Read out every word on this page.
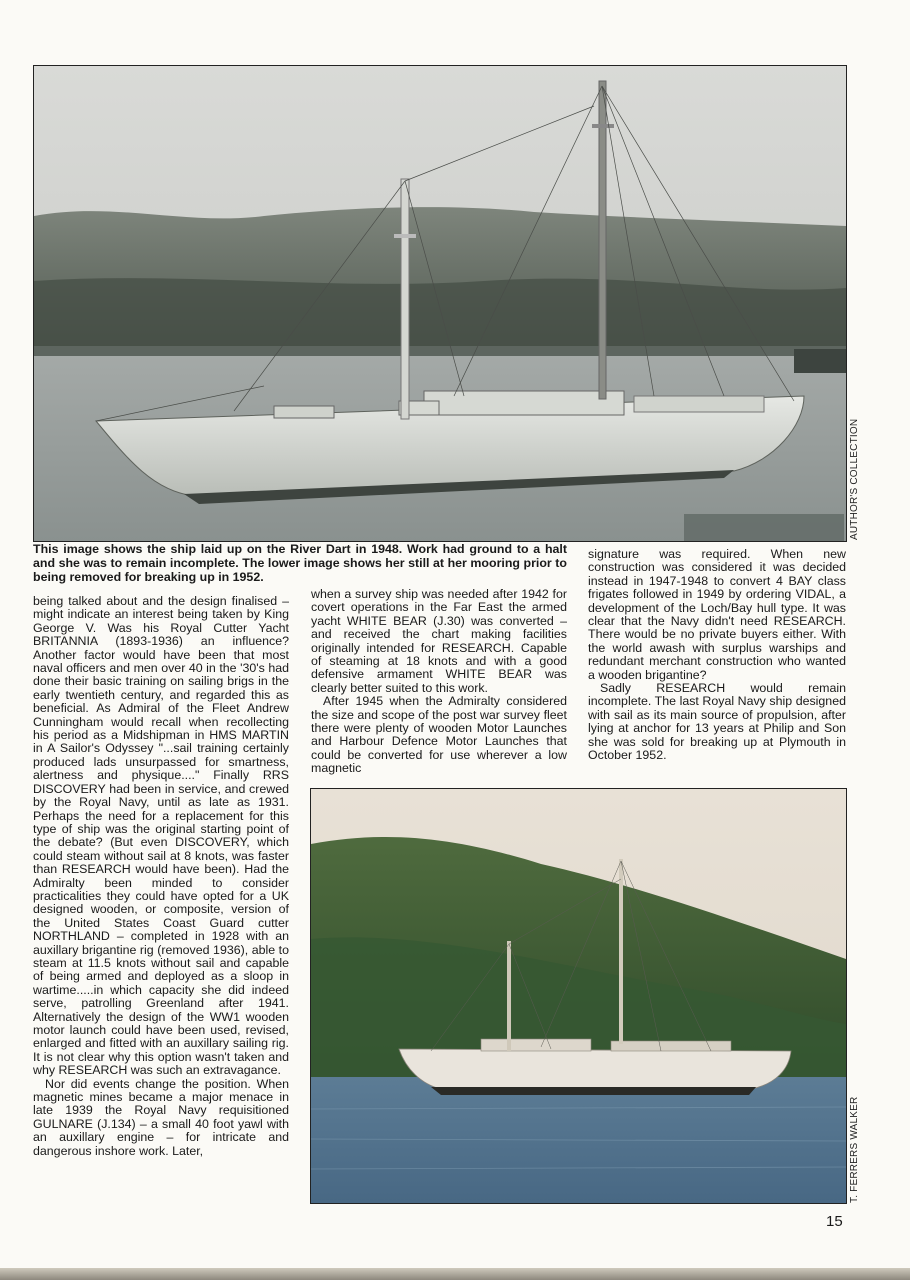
AUTHOR'S COLLECTION
This image shows the ship laid up on the River Dart in 1948. Work had ground to a halt and she was to remain incomplete. The lower image shows her still at her mooring prior to being removed for breaking up in 1952.

being talked about and the design finalised – might indicate an interest being taken by King George V. Was his Royal Cutter Yacht BRITANNIA (1893-1936) an influence? Another factor would have been that most naval officers and men over 40 in the '30's had done their basic training on sailing brigs in the early twentieth century, and regarded this as beneficial. As Admiral of the Fleet Andrew Cunningham would recall when recollecting his period as a Midshipman in HMS MARTIN in A Sailor's Odyssey "...sail training certainly produced lads unsurpassed for smartness, alertness and physique...." Finally RRS DISCOVERY had been in service, and crewed by the Royal Navy, until as late as 1931. Perhaps the need for a replacement for this type of ship was the original starting point of the debate? (But even DISCOVERY, which could steam without sail at 8 knots, was faster than RESEARCH would have been). Had the Admiralty been minded to consider practicalities they could have opted for a UK designed wooden, or composite, version of the United States Coast Guard cutter NORTHLAND – completed in 1928 with an auxillary brigantine rig (removed 1936), able to steam at 11.5 knots without sail and capable of being armed and deployed as a sloop in wartime.....in which capacity she did indeed serve, patrolling Greenland after 1941. Alternatively the design of the WW1 wooden motor launch could have been used, revised, enlarged and fitted with an auxillary sailing rig. It is not clear why this option wasn't taken and why RESEARCH was such an extravagance.

Nor did events change the position. When magnetic mines became a major menace in late 1939 the Royal Navy requisitioned GULNARE (J.134) – a small 40 foot yawl with an auxillary engine – for intricate and dangerous inshore work. Later,

when a survey ship was needed after 1942 for covert operations in the Far East the armed yacht WHITE BEAR (J.30) was converted – and received the chart making facilities originally intended for RESEARCH. Capable of steaming at 18 knots and with a good defensive armament WHITE BEAR was clearly better suited to this work.

After 1945 when the Admiralty considered the size and scope of the post war survey fleet there were plenty of wooden Motor Launches and Harbour Defence Motor Launches that could be converted for use wherever a low magnetic

signature was required. When new construction was considered it was decided instead in 1947-1948 to convert 4 BAY class frigates followed in 1949 by ordering VIDAL, a development of the Loch/Bay hull type. It was clear that the Navy didn't need RESEARCH. There would be no private buyers either. With the world awash with surplus warships and redundant merchant construction who wanted a wooden brigantine?

Sadly RESEARCH would remain incomplete. The last Royal Navy ship designed with sail as its main source of propulsion, after lying at anchor for 13 years at Philip and Son she was sold for breaking up at Plymouth in October 1952.

T. FERRERS WALKER
15
